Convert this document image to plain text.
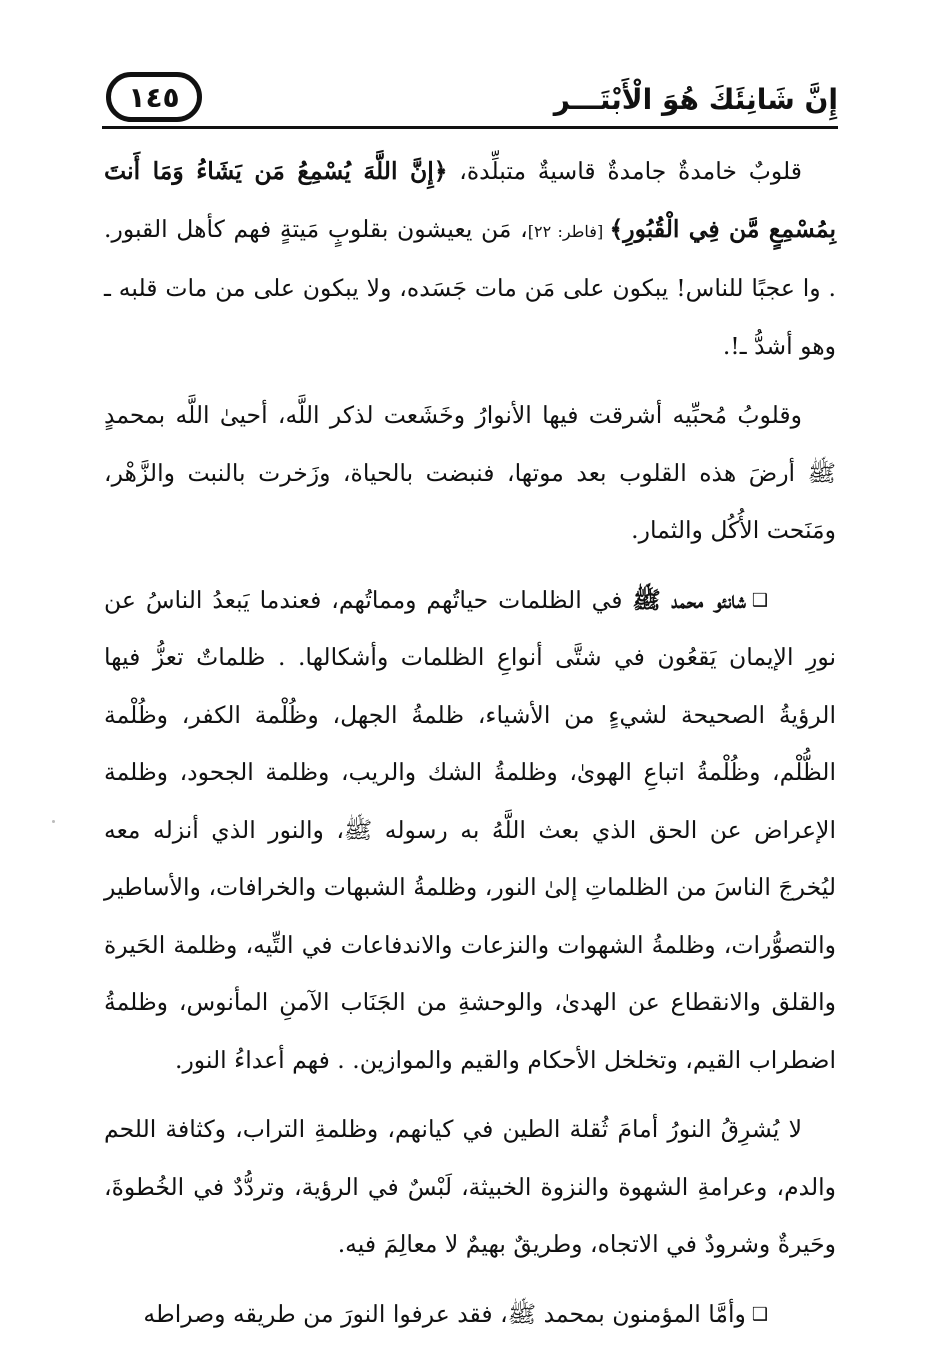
إِنَّ شَانِئَكَ هُوَ الْأَبْتَـــر
١٤٥

قلوبٌ خامدةٌ جامدةٌ قاسيةٌ متبلِّدة، ﴿إِنَّ اللَّهَ يُسْمِعُ مَن يَشَاءُ وَمَا أَنتَ بِمُسْمِعٍ مَّن فِي الْقُبُورِ﴾ [فاطر: ٢٢]، مَن يعيشون بقلوبٍ مَيتةٍ فهم كأهل القبور. . وا عجبًا للناس! يبكون على مَن مات جَسَده، ولا يبكون على من مات قلبه ـ وهو أشدُّ ـ!.

وقلوبُ مُحبِّيه أشرقت فيها الأنوارُ وخَشَعت لذكر اللَّه، أحيىٰ اللَّه بمحمدٍ ﷺ أرضَ هذه القلوب بعد موتها، فنبضت بالحياة، وزَخرت بالنبت والزَّهْر، ومَنَحت الأُكُل والثمار.

❑شانئو محمد ﷺ في الظلمات حياتُهم ومماتُهم، فعندما يَبعدُ الناسُ عن نورِ الإيمان يَقعُون في شتَّى أنواعِ الظلمات وأشكالها. . ظلماتٌ تعزُّ فيها الرؤيةُ الصحيحة لشيءٍ من الأشياء، ظلمةُ الجهل، وظُلْمة الكفر، وظُلْمة الظُّلْم، وظُلْمةُ اتباعِ الهوىٰ، وظلمةُ الشك والريب، وظلمة الجحود، وظلمة الإعراض عن الحق الذي بعث اللَّهُ به رسوله ﷺ، والنور الذي أنزله معه ليُخرجَ الناسَ من الظلماتِ إلىٰ النور، وظلمةُ الشبهات والخرافات، والأساطير والتصوُّرات، وظلمةُ الشهوات والنزعات والاندفاعات في التِّيه، وظلمة الحَيرة والقلق والانقطاع عن الهدىٰ، والوحشةِ من الجَنَاب الآمنِ المأنوس، وظلمةُ اضطراب القيم، وتخلخل الأحكام والقيم والموازين. . فهم أعداءُ النور.

لا يُشرِقُ النورُ أمامَ ثُقلة الطين في كيانهم، وظلمةِ التراب، وكثافة اللحم والدم، وعرامةِ الشهوة والنزوة الخبيثة، لَبْسٌ في الرؤية، وتردُّدٌ في الخُطوةَ، وحَيرةٌ وشرودٌ في الاتجاه، وطريقٌ بهيمٌ لا معالِمَ فيه.

❑وأمَّا المؤمنون بمحمد ﷺ، فقد عرفوا النورَ من طريقه وصراطه
